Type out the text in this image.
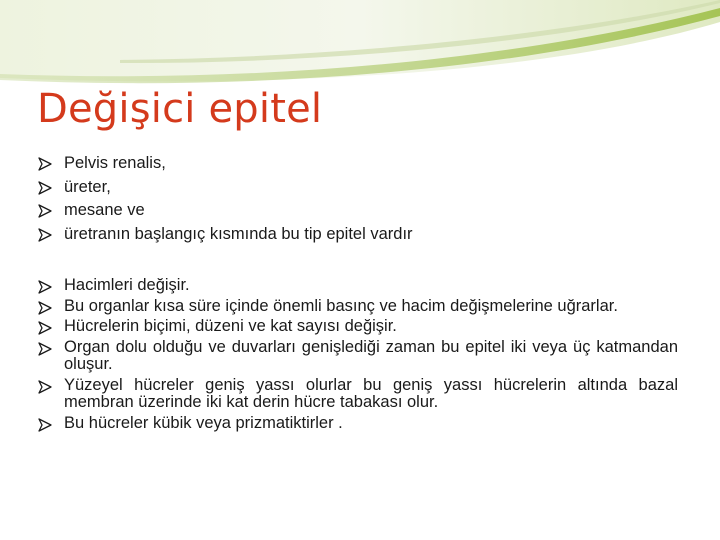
Değişici epitel
Pelvis renalis,
üreter,
mesane ve
üretranın başlangıç kısmında bu tip epitel vardır
Hacimleri değişir.
Bu organlar kısa süre içinde önemli basınç ve hacim değişmelerine uğrarlar.
Hücrelerin biçimi, düzeni ve kat sayısı değişir.
Organ dolu olduğu ve duvarları genişlediği zaman bu epitel iki veya üç katmandan oluşur.
Yüzeyel hücreler geniş yassı olurlar bu geniş yassı hücrelerin altında bazal membran üzerinde iki kat derin hücre tabakası olur.
Bu hücreler kübik veya prizmatiktirler .
